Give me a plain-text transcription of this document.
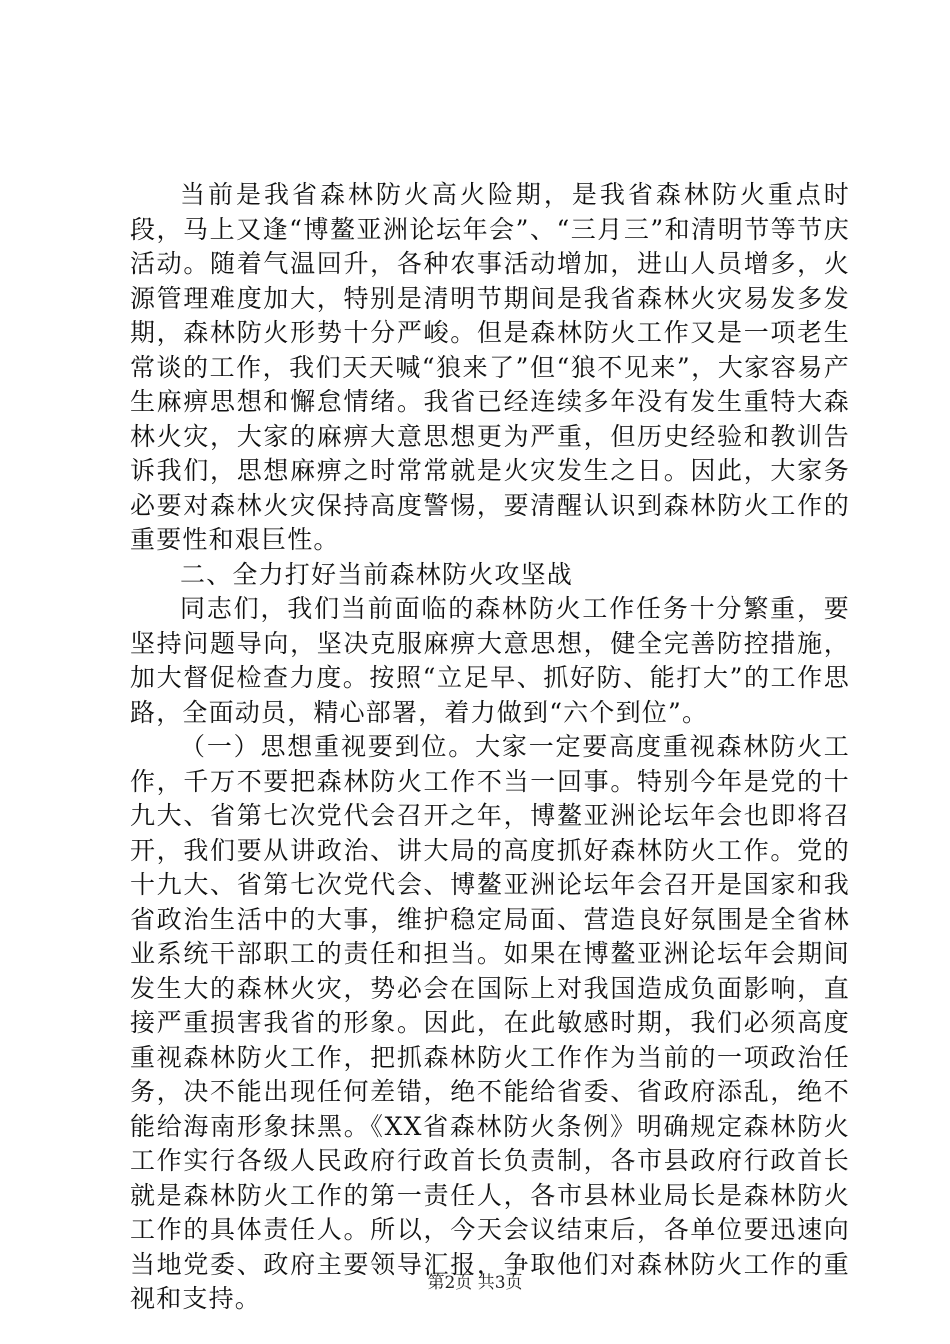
当前是我省森林防火高火险期，是我省森林防火重点时段，马上又逢“博鳌亚洲论坛年会”、“三月三”和清明节等节庆活动。随着气温回升，各种农事活动增加，进山人员增多，火源管理难度加大，特别是清明节期间是我省森林火灾易发多发期，森林防火形势十分严峻。但是森林防火工作又是一项老生常谈的工作，我们天天喊“狼来了”但“狼不见来”，大家容易产生麻痹思想和懈怠情绪。我省已经连续多年没有发生重特大森林火灾，大家的麻痹大意思想更为严重，但历史经验和教训告诉我们，思想麻痹之时常常就是火灾发生之日。因此，大家务必要对森林火灾保持高度警惕，要清醒认识到森林防火工作的重要性和艰巨性。

二、全力打好当前森林防火攻坚战

同志们，我们当前面临的森林防火工作任务十分繁重，要坚持问题导向，坚决克服麻痹大意思想，健全完善防控措施，加大督促检查力度。按照“立足早、抓好防、能打大”的工作思路，全面动员，精心部署，着力做到“六个到位”。

（一）思想重视要到位。大家一定要高度重视森林防火工作，千万不要把森林防火工作不当一回事。特别今年是党的十九大、省第七次党代会召开之年，博鳌亚洲论坛年会也即将召开，我们要从讲政治、讲大局的高度抓好森林防火工作。党的十九大、省第七次党代会、博鳌亚洲论坛年会召开是国家和我省政治生活中的大事，维护稳定局面、营造良好氛围是全省林业系统干部职工的责任和担当。如果在博鳌亚洲论坛年会期间发生大的森林火灾，势必会在国际上对我国造成负面影响，直接严重损害我省的形象。因此，在此敏感时期，我们必须高度重视森林防火工作，把抓森林防火工作作为当前的一项政治任务，决不能出现任何差错，绝不能给省委、省政府添乱，绝不能给海南形象抹黑。《XX省森林防火条例》明确规定森林防火工作实行各级人民政府行政首长负责制，各市县政府行政首长就是森林防火工作的第一责任人，各市县林业局长是森林防火工作的具体责任人。所以，今天会议结束后，各单位要迅速向当地党委、政府主要领导汇报，争取他们对森林防火工作的重视和支持。

第2页 共3页
